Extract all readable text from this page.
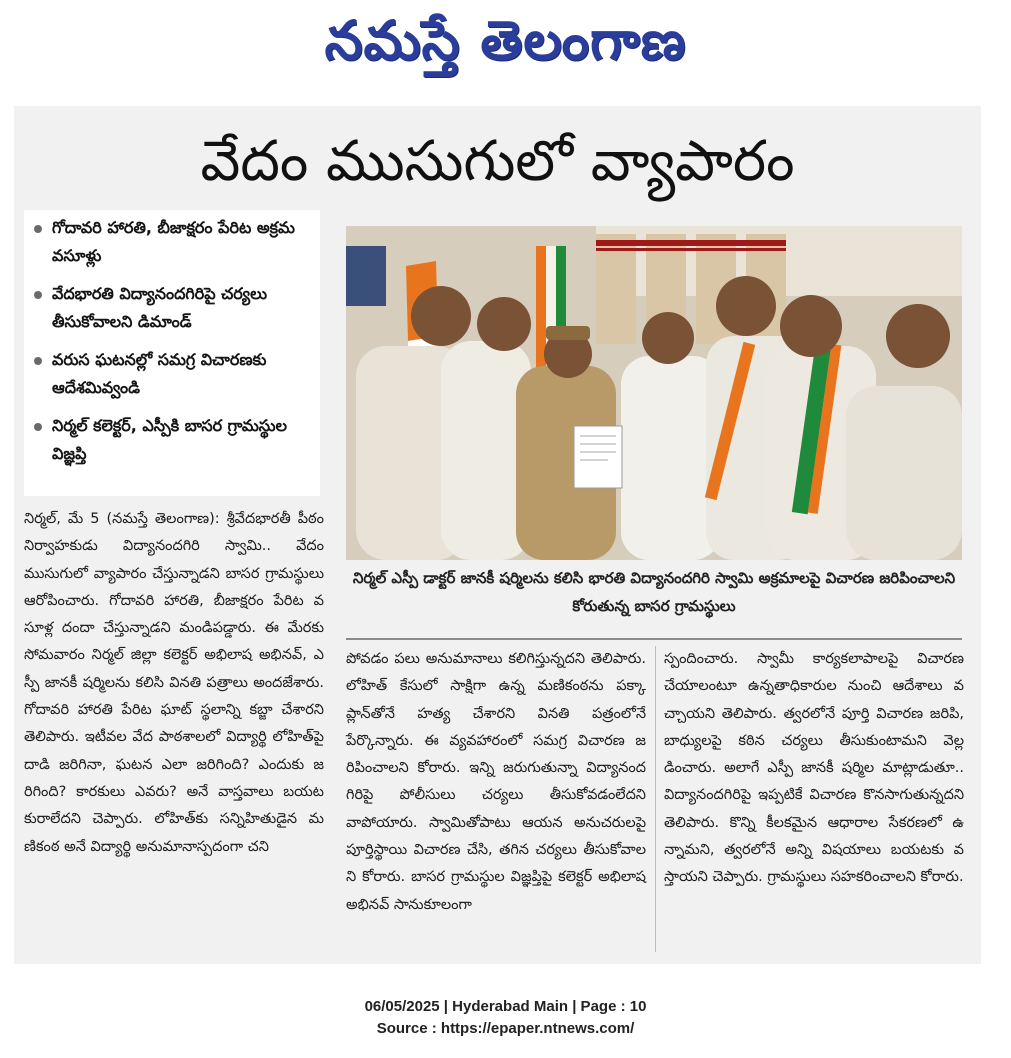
నమస్తే తెలంగాణ
వేదం ముసుగులో వ్యాపారం
గోదావరి హారతి, బీజాక్షరం పేరిట అక్రమ వసూళ్లు
వేదభారతి విద్యానందగిరిపై చర్యలు తీసుకోవాలని డిమాండ్
వరుస ఘటనల్లో సమగ్ర విచారణకు ఆదేశమివ్వండి
నిర్మల్ కలెక్టర్, ఎస్పీకి బాసర గ్రామస్థుల విజ్ఞప్తి
నిర్మల్ ఎస్పీ డాక్టర్ జానకీ షర్మిలను కలిసి భారతి విద్యానందగిరి స్వామి అక్రమాలపై విచారణ జరిపించాలని కోరుతున్న బాసర గ్రామస్థులు
నిర్మల్, మే 5 (నమస్తే తెలంగాణ): శ్రీవేదభారతీ పీఠం నిర్వాహకుడు విద్యానందగిరి స్వామి.. వేదం ముసుగులో వ్యాపారం చేస్తున్నాడని బాసర గ్రామస్థులు ఆరోపించారు. గోదావరి హారతి, బీజాక్షరం పేరిట వసూళ్ల దందా చేస్తున్నాడని మండిపడ్డారు. ఈ మేరకు సోమవారం నిర్మల్ జిల్లా కలెక్టర్ అభిలాష అభినవ్, ఎస్పీ జానకీ షర్మిలను కలిసి వినతి పత్రాలు అందజేశారు. గోదావరి హారతి పేరిట ఘాట్ స్థలాన్ని కబ్జా చేశారని తెలిపారు. ఇటీవల వేద పాఠశాలలో విద్యార్థి లోహిత్‌పై దాడి జరిగినా, ఘటన ఎలా జరిగింది? ఎందుకు జరిగింది? కారకులు ఎవరు? అనే వాస్తవాలు బయటకురాలేదని చెప్పారు. లోహిత్‌కు సన్నిహితుడైన మణికంఠ అనే విద్యార్థి అనుమానాస్పదంగా చని
పోవడం పలు అనుమానాలు కలిగిస్తున్నదని తెలిపారు. లోహిత్ కేసులో సాక్షిగా ఉన్న మణికంఠను పక్కా ప్లాన్‌తోనే హత్య చేశారని వినతి పత్రంలోనే పేర్కొన్నారు. ఈ వ్యవహారంలో సమగ్ర విచారణ జరిపించాలని కోరారు. ఇన్ని జరుగుతున్నా విద్యానందగిరిపై పోలీసులు చర్యలు తీసుకోవడంలేదని వాపోయారు. స్వామితోపాటు ఆయన అనుచరులపై పూర్తిస్థాయి విచారణ చేసి, తగిన చర్యలు తీసుకోవాలని కోరారు. బాసర గ్రామస్థుల విజ్ఞప్తిపై కలెక్టర్ అభిలాష అభినవ్ సానుకూలంగా
స్పందించారు. స్వామీ కార్యకలాపాలపై విచారణ చేయాలంటూ ఉన్నతాధికారుల నుంచి ఆదేశాలు వచ్చాయని తెలిపారు. త్వరలోనే పూర్తి విచారణ జరిపి, బాధ్యులపై కఠిన చర్యలు తీసుకుంటామని వెల్లడించారు. అలాగే ఎస్పీ జానకీ షర్మిల మాట్లాడుతూ.. విద్యానందగిరిపై ఇప్పటికే విచారణ కొనసాగుతున్నదని తెలిపారు. కొన్ని కీలకమైన ఆధారాల సేకరణలో ఉన్నామని, త్వరలోనే అన్ని విషయాలు బయటకు వస్తాయని చెప్పారు. గ్రామస్థులు సహకరించాలని కోరారు.
06/05/2025 | Hyderabad Main | Page : 10
Source : https://epaper.ntnews.com/
